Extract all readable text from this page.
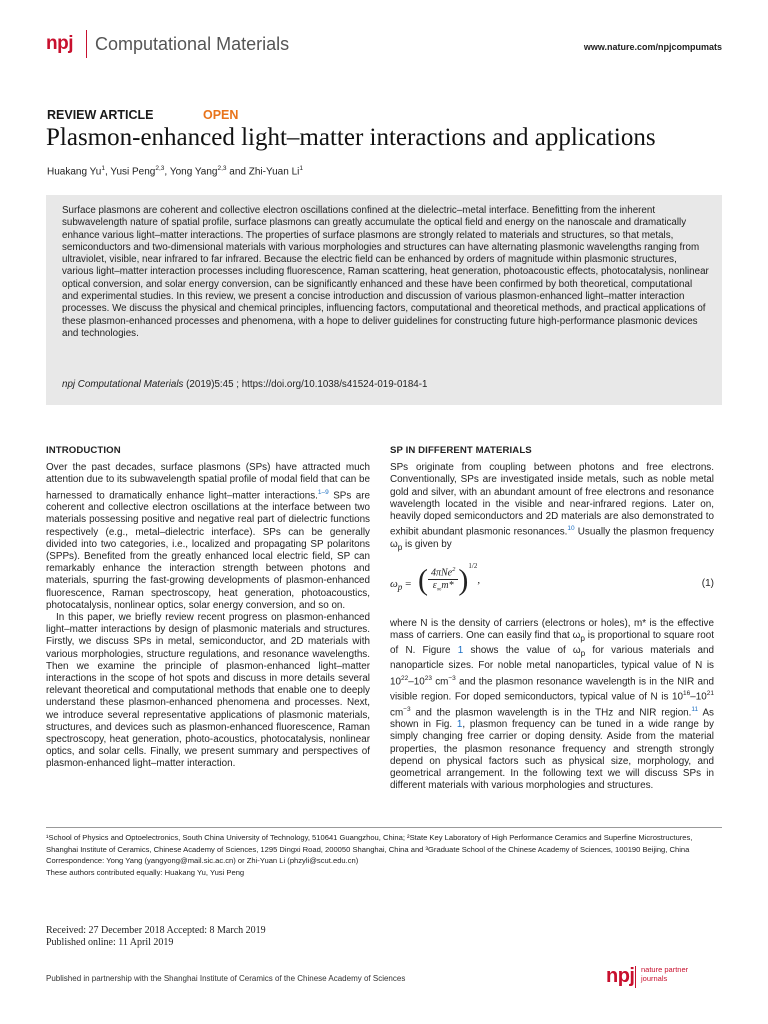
npj Computational Materials	www.nature.com/npjcompumats
REVIEW ARTICLE	OPEN
Plasmon-enhanced light–matter interactions and applications
Huakang Yu$^1$, Yusi Peng$^{2,3}$, Yong Yang$^{2,3}$ and Zhi-Yuan Li$^1$
Surface plasmons are coherent and collective electron oscillations confined at the dielectric–metal interface. Benefitting from the inherent subwavelength nature of spatial profile, surface plasmons can greatly accumulate the optical field and energy on the nanoscale and dramatically enhance various light–matter interactions. The properties of surface plasmons are strongly related to materials and structures, so that metals, semiconductors and two-dimensional materials with various morphologies and structures can have alternating plasmonic wavelengths ranging from ultraviolet, visible, near infrared to far infrared. Because the electric field can be enhanced by orders of magnitude within plasmonic structures, various light–matter interaction processes including fluorescence, Raman scattering, heat generation, photoacoustic effects, photocatalysis, nonlinear optical conversion, and solar energy conversion, can be significantly enhanced and these have been confirmed by both theoretical, computational and experimental studies. In this review, we present a concise introduction and discussion of various plasmon-enhanced light–matter interaction processes. We discuss the physical and chemical principles, influencing factors, computational and theoretical methods, and practical applications of these plasmon-enhanced processes and phenomena, with a hope to deliver guidelines for constructing future high-performance plasmonic devices and technologies.
npj Computational Materials (2019)5:45 ; https://doi.org/10.1038/s41524-019-0184-1
INTRODUCTION

Over the past decades, surface plasmons (SPs) have attracted much attention due to its subwavelength spatial profile of modal field that can be harnessed to dramatically enhance light–matter interactions.$^{1-9}$ SPs are coherent and collective electron oscillations at the interface between two materials possessing positive and negative real part of dielectric functions respectively (e.g., metal–dielectric interface). SPs can be generally divided into two categories, i.e., localized and propagating SP polaritons (SPPs). Benefited from the greatly enhanced local electric field, SP can remarkably enhance the interaction strength between photons and materials, spurring the fast-growing developments of plasmon-enhanced fluorescence, Raman spectroscopy, heat generation, photoacoustics, photocatalysis, nonlinear optics, solar energy conversion, and so on.

In this paper, we briefly review recent progress on plasmon-enhanced light–matter interactions by design of plasmonic materials and structures. Firstly, we discuss SPs in metal, semiconductor, and 2D materials with various morphologies, structure regulations, and resonance wavelengths. Then we examine the principle of plasmon-enhanced light–matter interactions in the scope of hot spots and discuss in more details several relevant theoretical and computational methods that enable one to deeply understand these plasmon-enhanced phenomena and processes. Next, we introduce several representative applications of plasmonic materials, structures, and devices such as plasmon-enhanced fluorescence, Raman spectroscopy, heat generation, photo-acoustics, photocatalysis, nonlinear optics, and solar cells. Finally, we present summary and perspectives of plasmon-enhanced light–matter interaction.

SP IN DIFFERENT MATERIALS

SPs originate from coupling between photons and free electrons. Conventionally, SPs are investigated inside metals, such as noble metal gold and silver, with an abundant amount of free electrons and resonance wavelength located in the visible and near-infrared regions. Later on, heavily doped semiconductors and 2D materials are also demonstrated to exhibit abundant plasmonic resonances.$^{10}$ Usually the plasmon frequency $\omega_p$ is given by

$\omega_p$ = ( $\frac{4\pi Ne^2}{\varepsilon_\infty m*} )^{1/2}$,	(1)

where N is the density of carriers (electrons or holes), m* is the effective mass of carriers. One can easily find that $\omega_p$ is proportional to square root of N. Figure 1 shows the value of $\omega_p$ for various materials and nanoparticle sizes. For noble metal nanoparticles, typical value of N is $10^{22}-10^{23}$ $cm^{-3}$ and the plasmon resonance wavelength is in the NIR and visible region. For doped semiconductors, typical value of N is $10^{16}-10^{21}$ $cm^{-3}$ and the plasmon wavelength is in the THz and NIR region.$^{11}$ As shown in Fig. 1, plasmon frequency can be tuned in a wide range by simply changing free carrier or doping density. Aside from the material properties, the plasmon resonance frequency and strength strongly depend on physical factors such as physical size, morphology, and geometrical arrangement. In the following text we will discuss SPs in different materials with various morphologies and structures.

¹School of Physics and Optoelectronics, South China University of Technology, 510641 Guangzhou, China; ²State Key Laboratory of High Performance Ceramics and Superfine Microstructures, Shanghai Institute of Ceramics, Chinese Academy of Sciences, 1295 Dingxi Road, 200050 Shanghai, China and ³Graduate School of the Chinese Academy of Sciences, 100190 Beijing, China

Correspondence: Yong Yang (yangyong@mail.sic.ac.cn) or Zhi-Yuan Li (phzyli@scut.edu.cn)

These authors contributed equally: Huakang Yu, Yusi Peng

Received: 27 December 2018 Accepted: 8 March 2019
Published online: 11 April 2019
Published in partnership with the Shanghai Institute of Ceramics of the Chinese Academy of Sciences	npj nature partner
journals
